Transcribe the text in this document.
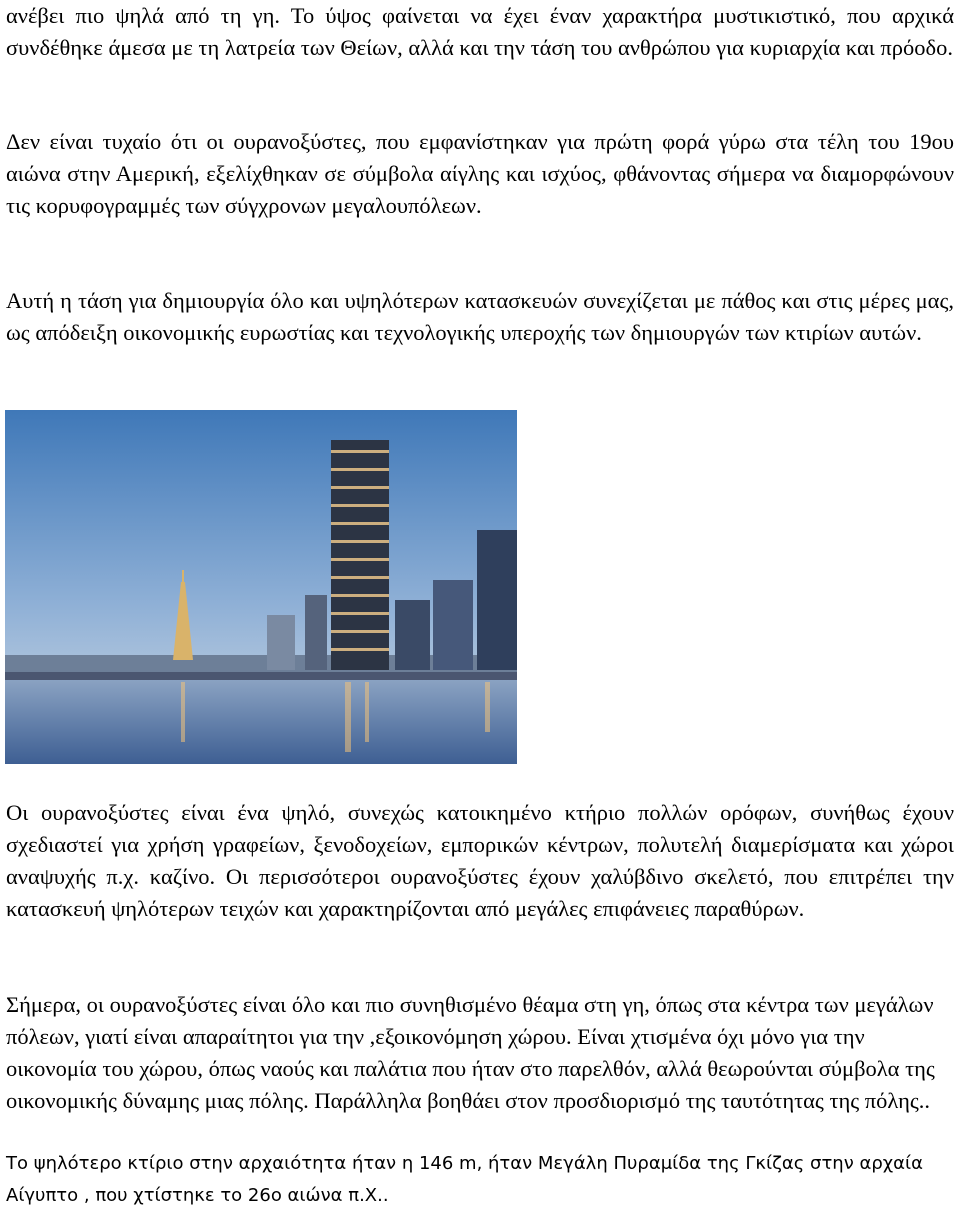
ανέβει πιο ψηλά από τη γη. Το ύψος φαίνεται να έχει έναν χαρακτήρα μυστικιστικό, που αρχικά συνδέθηκε άμεσα με τη λατρεία των Θείων, αλλά και την τάση του ανθρώπου για κυριαρχία και πρόοδο.

Δεν είναι τυχαίο ότι οι ουρανοξύστες, που εμφανίστηκαν για πρώτη φορά γύρω στα τέλη του 19ου αιώνα στην Αμερική, εξελίχθηκαν σε σύμβολα αίγλης και ισχύος, φθάνοντας σήμερα να διαμορφώνουν τις κορυφογραμμές των σύγχρονων μεγαλουπόλεων.

Αυτή η τάση για δημιουργία όλο και υψηλότερων κατασκευών συνεχίζεται με πάθος και στις μέρες μας, ως απόδειξη οικονομικής ευρωστίας και τεχνολογικής υπεροχής των δημιουργών των κτιρίων αυτών.

Οι ουρανοξύστες είναι ένα ψηλό, συνεχώς κατοικημένο κτήριο πολλών ορόφων, συνήθως έχουν σχεδιαστεί για χρήση γραφείων, ξενοδοχείων, εμπορικών κέντρων, πολυτελή διαμερίσματα και χώροι αναψυχής π.χ. καζίνο. Οι περισσότεροι ουρανοξύστες έχουν χαλύβδινο σκελετό, που επιτρέπει την κατασκευή ψηλότερων τειχών και χαρακτηρίζονται από μεγάλες επιφάνειες παραθύρων.

Σήμερα, οι ουρανοξύστες είναι όλο και πιο συνηθισμένο θέαμα στη γη, όπως στα κέντρα των μεγάλων πόλεων, γιατί είναι απαραίτητοι για την ,εξοικονόμηση χώρου. Είναι χτισμένα όχι μόνο για την οικονομία του χώρου, όπως ναούς και παλάτια που ήταν στο παρελθόν, αλλά θεωρούνται σύμβολα της οικονομικής δύναμης μιας πόλης. Παράλληλα βοηθάει στον προσδιορισμό της ταυτότητας της πόλης..

Το ψηλότερο κτίριο στην αρχαιότητα ήταν η 146 m, ήταν Μεγάλη Πυραμίδα της Γκίζας στην αρχαία Αίγυπτο , που χτίστηκε το 26ο αιώνα π.Χ..
